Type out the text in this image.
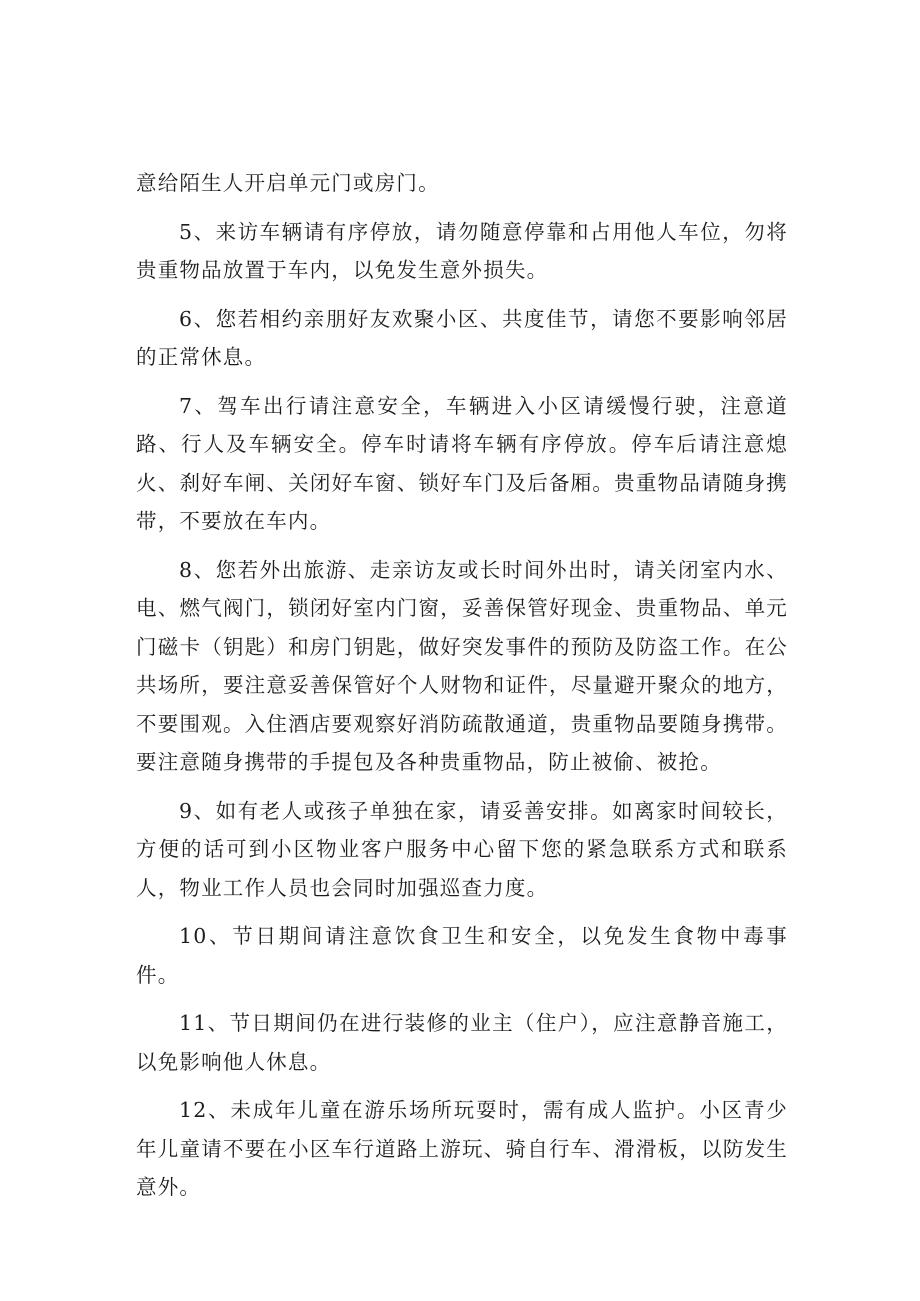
意给陌生人开启单元门或房门。

5、来访车辆请有序停放，请勿随意停靠和占用他人车位，勿将贵重物品放置于车内，以免发生意外损失。

6、您若相约亲朋好友欢聚小区、共度佳节，请您不要影响邻居的正常休息。

7、驾车出行请注意安全，车辆进入小区请缓慢行驶，注意道路、行人及车辆安全。停车时请将车辆有序停放。停车后请注意熄火、刹好车闸、关闭好车窗、锁好车门及后备厢。贵重物品请随身携带，不要放在车内。

8、您若外出旅游、走亲访友或长时间外出时，请关闭室内水、电、燃气阀门，锁闭好室内门窗，妥善保管好现金、贵重物品、单元门磁卡（钥匙）和房门钥匙，做好突发事件的预防及防盗工作。在公共场所，要注意妥善保管好个人财物和证件，尽量避开聚众的地方，不要围观。入住酒店要观察好消防疏散通道，贵重物品要随身携带。要注意随身携带的手提包及各种贵重物品，防止被偷、被抢。

9、如有老人或孩子单独在家，请妥善安排。如离家时间较长，方便的话可到小区物业客户服务中心留下您的紧急联系方式和联系人，物业工作人员也会同时加强巡查力度。

10、节日期间请注意饮食卫生和安全，以免发生食物中毒事件。

11、节日期间仍在进行装修的业主（住户），应注意静音施工，以免影响他人休息。

12、未成年儿童在游乐场所玩耍时，需有成人监护。小区青少年儿童请不要在小区车行道路上游玩、骑自行车、滑滑板，以防发生意外。
